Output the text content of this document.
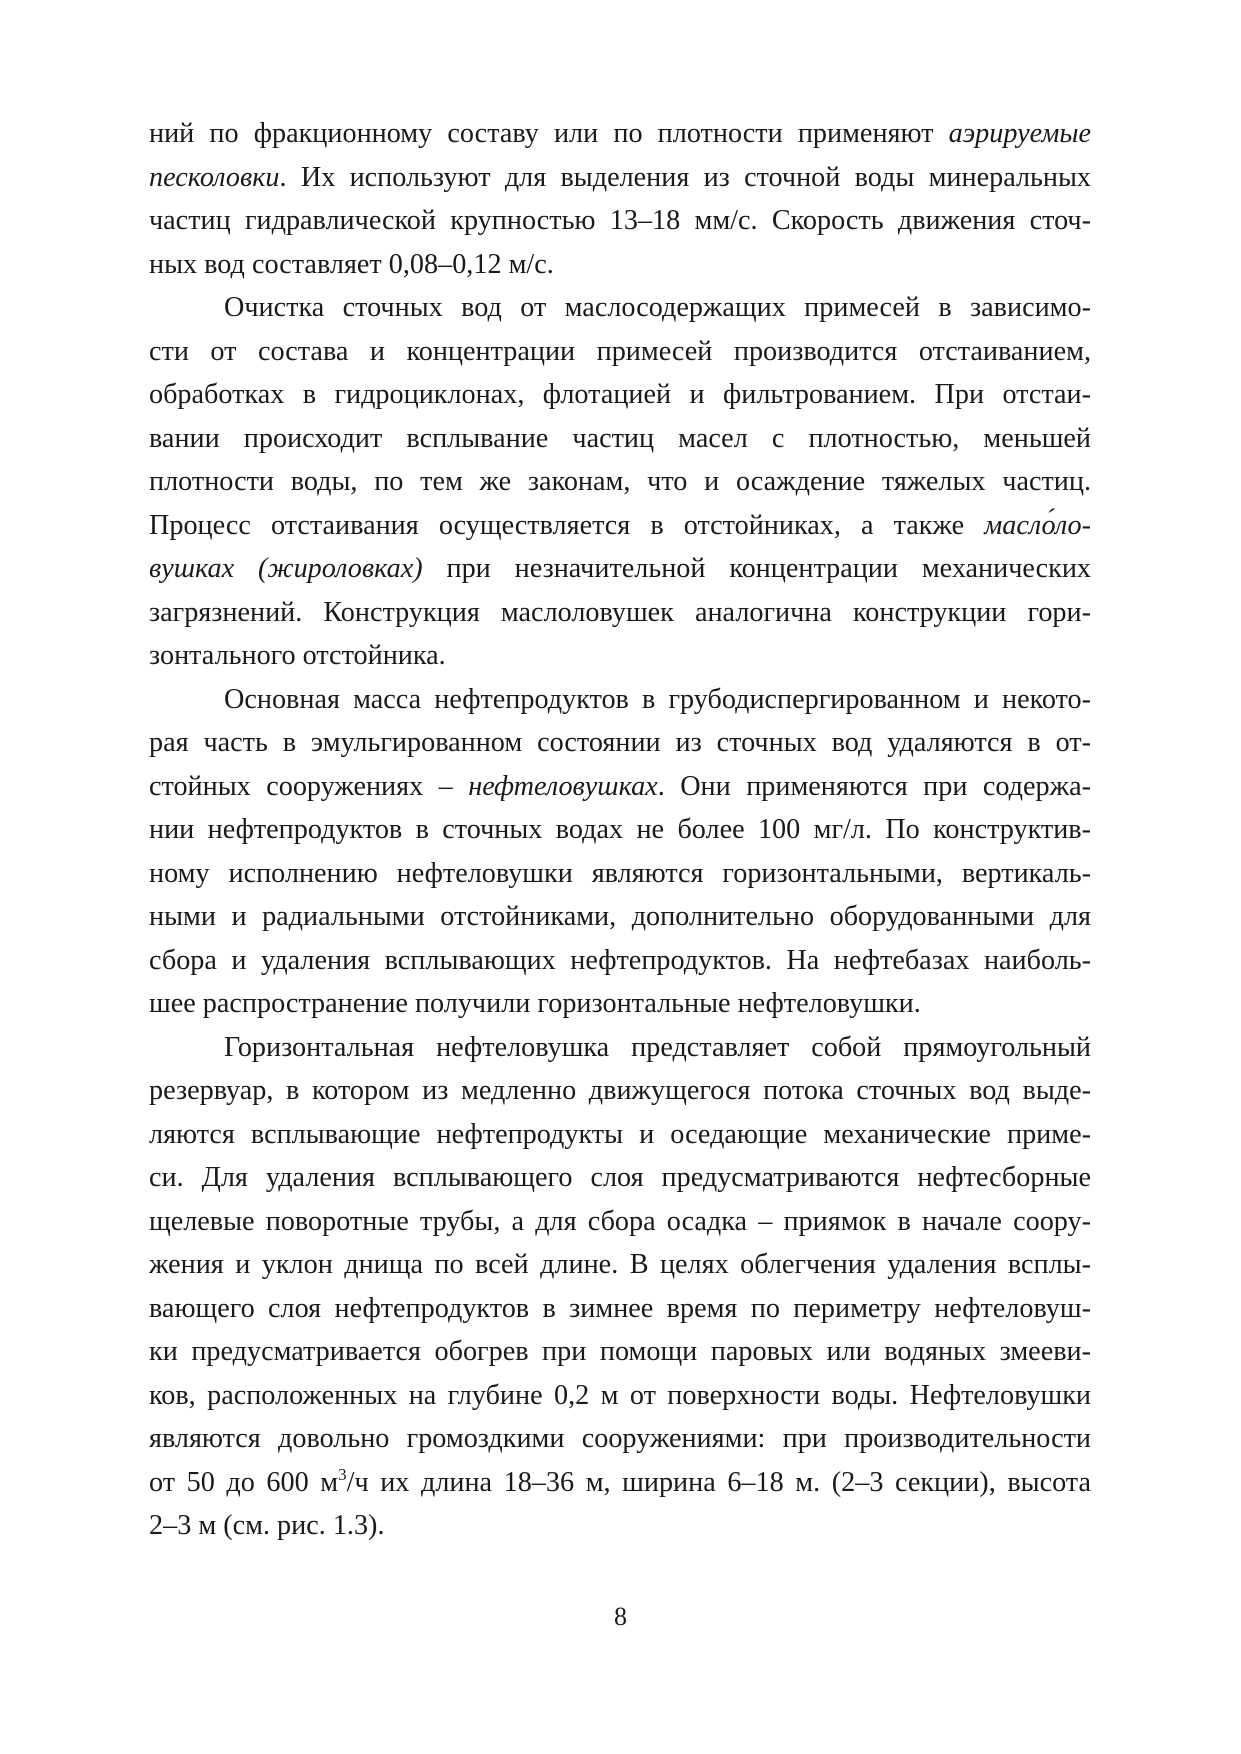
ний по фракционному составу или по плотности применяют аэрируемые
песколовки. Их используют для выделения из сточной воды минеральных
частиц гидравлической крупностью 13–18 мм/с. Скорость движения сточ-
ных вод составляет 0,08–0,12 м/с.
Очистка сточных вод от маслосодержащих примесей в зависимо-
сти от состава и концентрации примесей производится отстаиванием,
обработках в гидроциклонах, флотацией и фильтрованием. При отстаи-
вании происходит всплывание частиц масел с плотностью, меньшей
плотности воды, по тем же законам, что и осаждение тяжелых частиц.
Процесс отстаивания осуществляется в отстойниках, а также масло́ло-
вушках (жироловках) при незначительной концентрации механических
загрязнений. Конструкция маслоловушек аналогична конструкции гори-
зонтального отстойника.
Основная масса нефтепродуктов в грубодиспергированном и некото-
рая часть в эмульгированном состоянии из сточных вод удаляются в от-
стойных сооружениях – нефтеловушках. Они применяются при содержа-
нии нефтепродуктов в сточных водах не более 100 мг/л. По конструктив-
ному исполнению нефтеловушки являются горизонтальными, вертикаль-
ными и радиальными отстойниками, дополнительно оборудованными для
сбора и удаления всплывающих нефтепродуктов. На нефтебазах наиболь-
шее распространение получили горизонтальные нефтеловушки.
Горизонтальная нефтеловушка представляет собой прямоугольный
резервуар, в котором из медленно движущегося потока сточных вод выде-
ляются всплывающие нефтепродукты и оседающие механические приме-
си. Для удаления всплывающего слоя предусматриваются нефтесборные
щелевые поворотные трубы, а для сбора осадка – приямок в начале соору-
жения и уклон днища по всей длине. В целях облегчения удаления всплы-
вающего слоя нефтепродуктов в зимнее время по периметру нефтеловуш-
ки предусматривается обогрев при помощи паровых или водяных змееви-
ков, расположенных на глубине 0,2 м от поверхности воды. Нефтеловушки
являются довольно громоздкими сооружениями: при производительности
от 50 до 600 $м^3/ч$ их длина 18–36 м, ширина 6–18 м. (2–3 секции), высота
2–3 м (см. рис. 1.3).
8
